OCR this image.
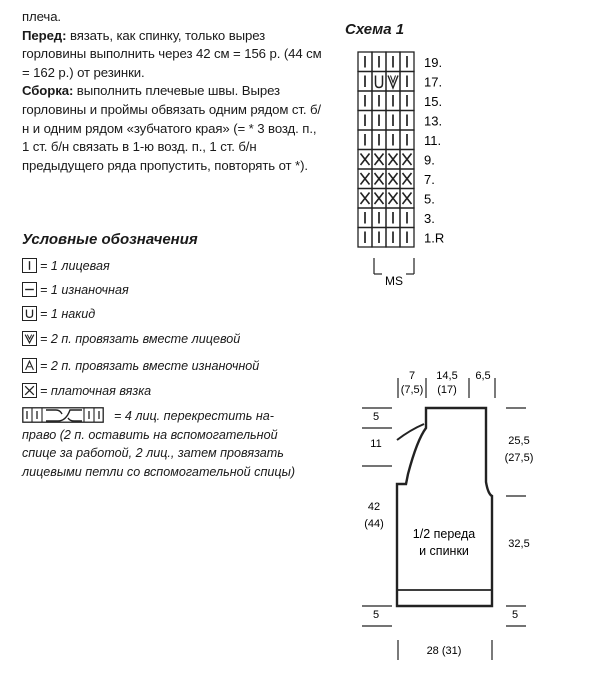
плеча.

Перед: вязать, как спинку, только вырез горловины выполнить через 42 см = 156 р. (44 см = 162 р.) от резинки.

Сборка: выполнить плечевые швы. Вырез горловины и проймы обвязать одним рядом ст. б/н и одним рядом «зубчатого края» (= * 3 возд. п., 1 ст. б/н связать в 1-ю возд. п., 1 ст. б/н предыдущего ряда пропустить, повторять от *).

Условные обозначения
= 1 лицевая
= 1 изнаночная
= 1 накид
= 2 п. провязать вместе лицевой
= 2 п. провязать вместе изнаночной
= платочная вязка
= 4 лиц. перекрестить на-
право (2 п. оставить на вспомогательной спице за работой, 2 лиц., затем провязать лицевыми петли со вспомогательной спицы)
Схема 1
19.
17.
15.
13.
11.
9.
7.
5.
3.
1.R
MS
7
(7,5)
14,5
(17)
6,5
5
11
42
(44)
5
25,5
(27,5)
32,5
5
28 (31)
1/2 переда
и спинки
